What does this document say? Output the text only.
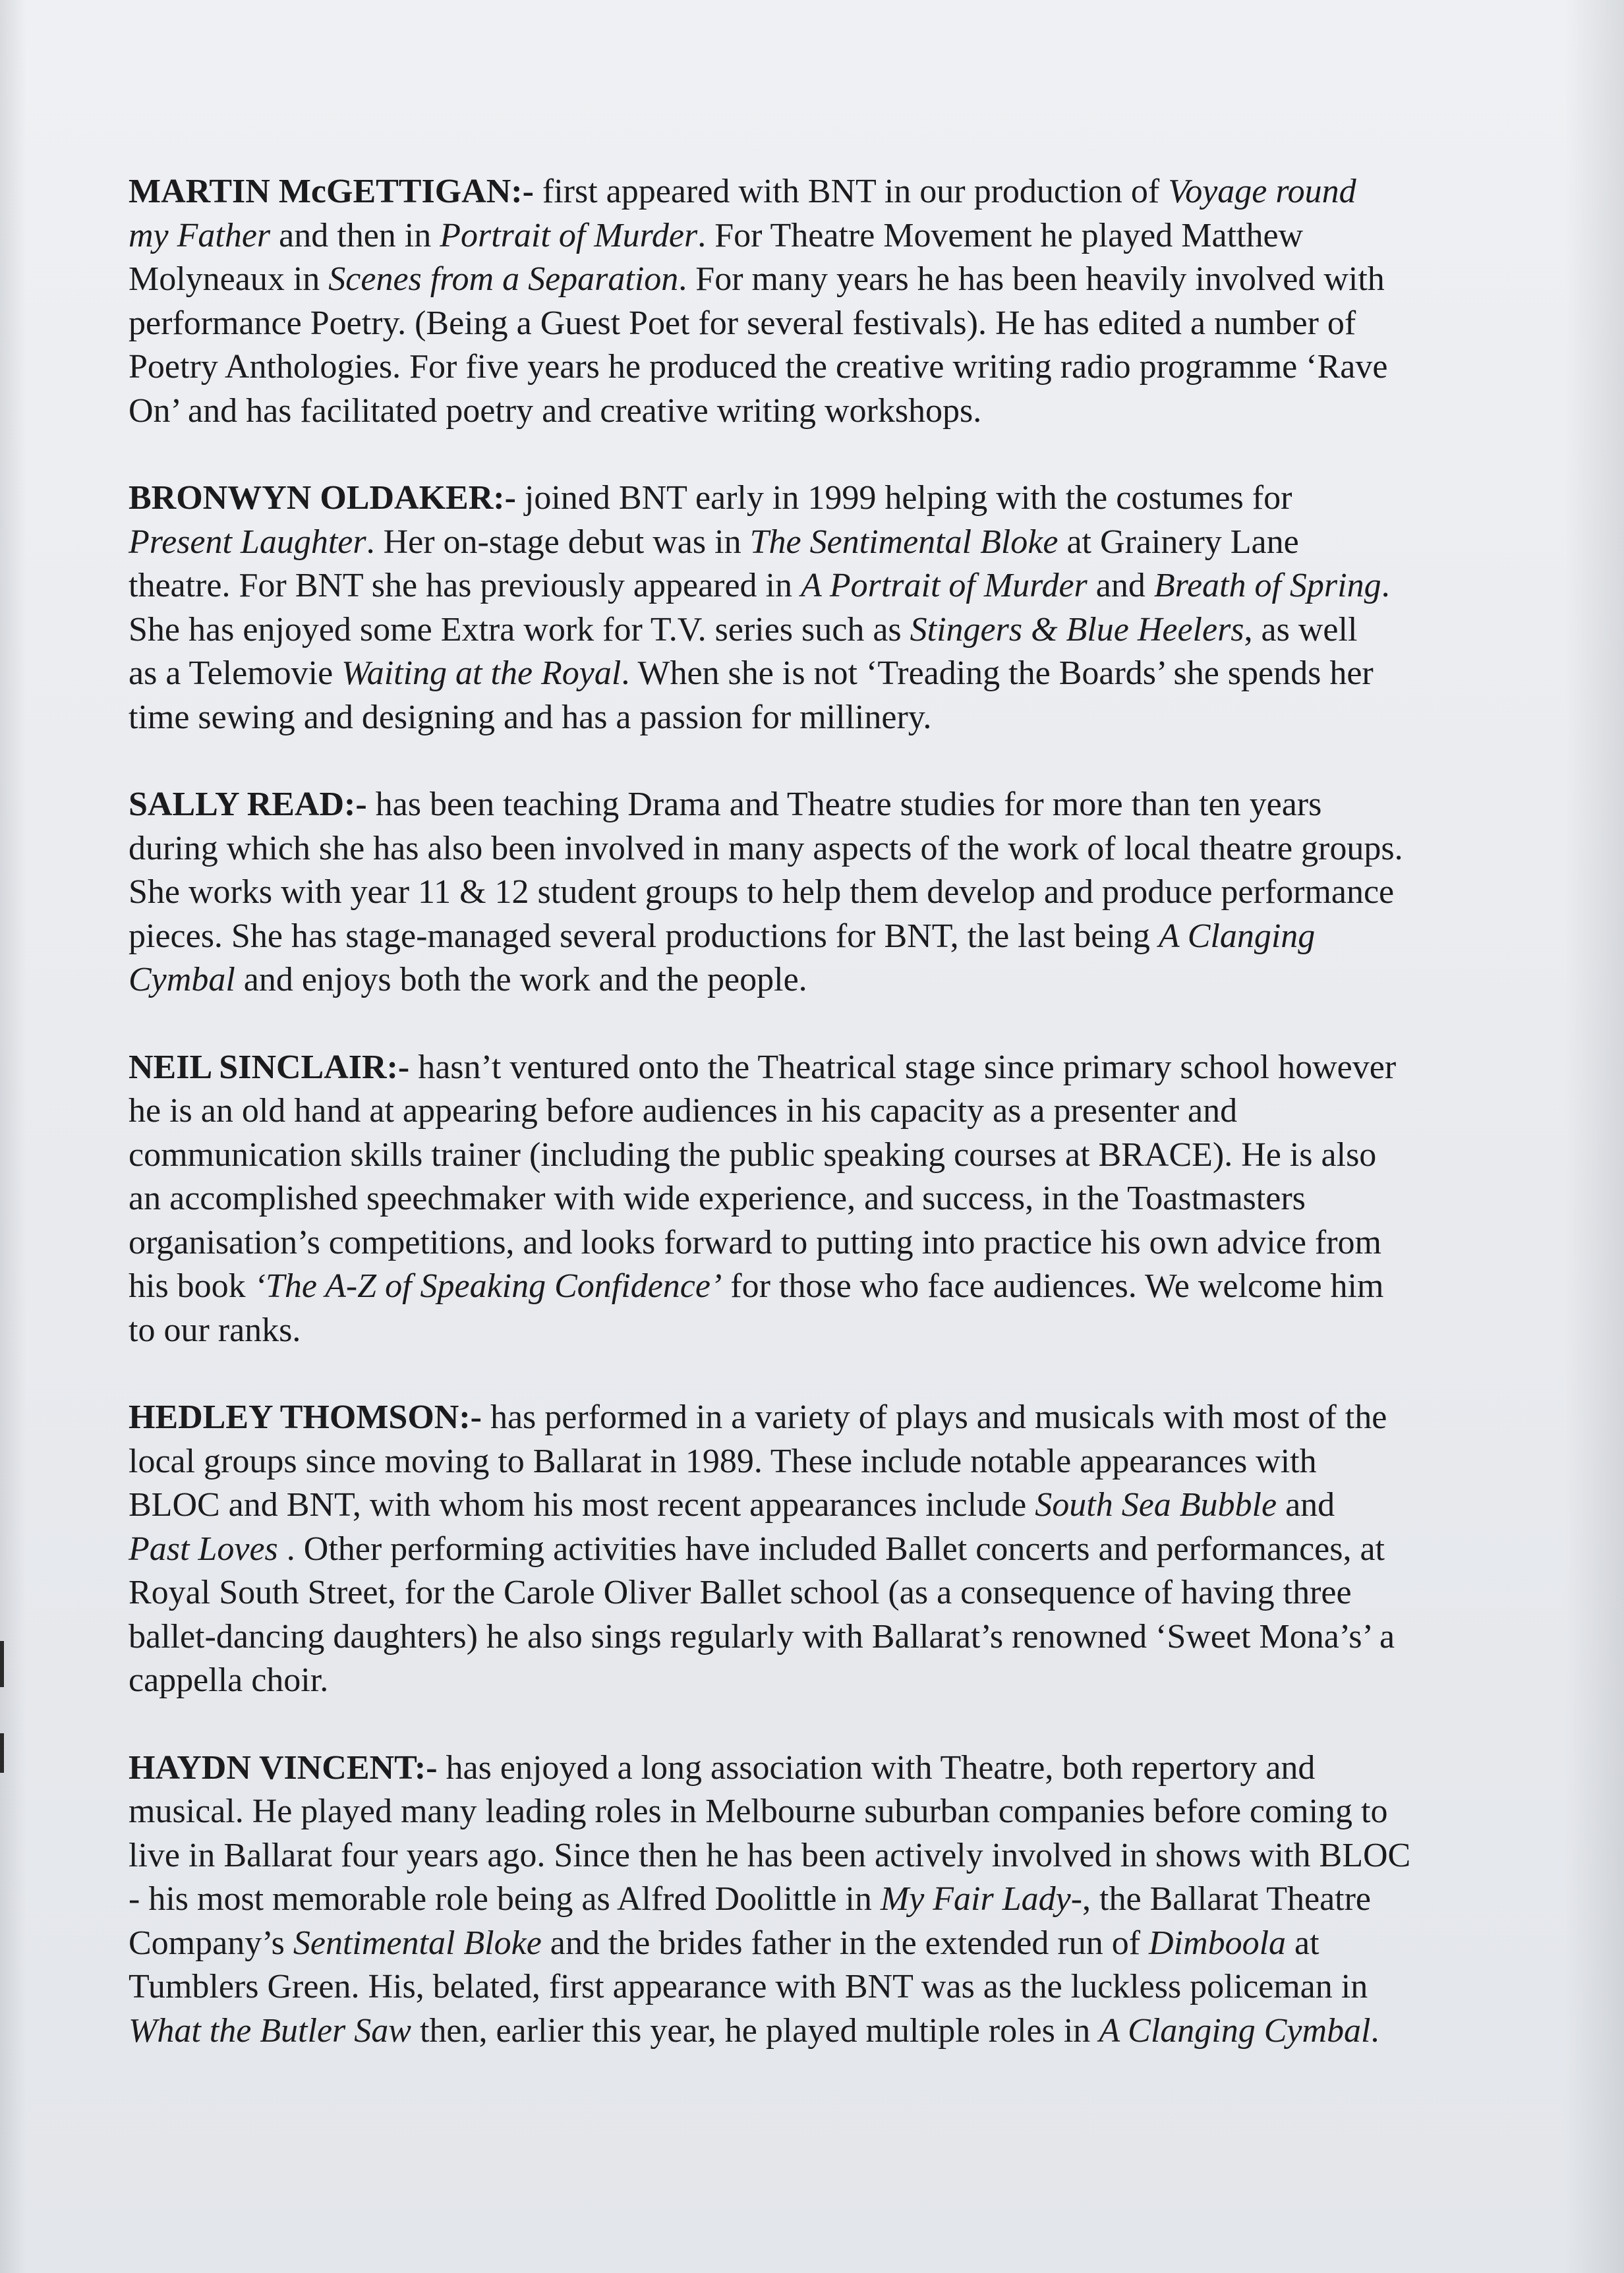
MARTIN McGETTIGAN:- first appeared with BNT in our production of Voyage round
my Father and then in Portrait of Murder. For Theatre Movement he played Matthew
Molyneaux in Scenes from a Separation. For many years he has been heavily involved with
performance Poetry. (Being a Guest Poet for several festivals). He has edited a number of
Poetry Anthologies. For five years he produced the creative writing radio programme ‘Rave
On’ and has facilitated poetry and creative writing workshops.

BRONWYN OLDAKER:- joined BNT early in 1999 helping with the costumes for
Present Laughter. Her on-stage debut was in The Sentimental Bloke at Grainery Lane
theatre. For BNT she has previously appeared in A Portrait of Murder and Breath of Spring.
She has enjoyed some Extra work for T.V. series such as Stingers & Blue Heelers, as well
as a Telemovie Waiting at the Royal. When she is not ‘Treading the Boards’ she spends her
time sewing and designing and has a passion for millinery.

SALLY READ:- has been teaching Drama and Theatre studies for more than ten years
during which she has also been involved in many aspects of the work of local theatre groups.
She works with year 11 & 12 student groups to help them develop and produce performance
pieces. She has stage-managed several productions for BNT, the last being A Clanging
Cymbal and enjoys both the work and the people.

NEIL SINCLAIR:- hasn’t ventured onto the Theatrical stage since primary school however
he is an old hand at appearing before audiences in his capacity as a presenter and
communication skills trainer (including the public speaking courses at BRACE). He is also
an accomplished speechmaker with wide experience, and success, in the Toastmasters
organisation’s competitions, and looks forward to putting into practice his own advice from
his book ‘The A-Z of Speaking Confidence’ for those who face audiences. We welcome him
to our ranks.

HEDLEY THOMSON:- has performed in a variety of plays and musicals with most of the
local groups since moving to Ballarat in 1989. These include notable appearances with
BLOC and BNT, with whom his most recent appearances include South Sea Bubble and
Past Loves . Other performing activities have included Ballet concerts and performances, at
Royal South Street, for the Carole Oliver Ballet school (as a consequence of having three
ballet-dancing daughters) he also sings regularly with Ballarat’s renowned ‘Sweet Mona’s’ a
cappella choir.

HAYDN VINCENT:- has enjoyed a long association with Theatre, both repertory and
musical. He played many leading roles in Melbourne suburban companies before coming to
live in Ballarat four years ago. Since then he has been actively involved in shows with BLOC
- his most memorable role being as Alfred Doolittle in My Fair Lady-, the Ballarat Theatre
Company’s Sentimental Bloke and the brides father in the extended run of Dimboola at
Tumblers Green. His, belated, first appearance with BNT was as the luckless policeman in
What the Butler Saw then, earlier this year, he played multiple roles in A Clanging Cymbal.
